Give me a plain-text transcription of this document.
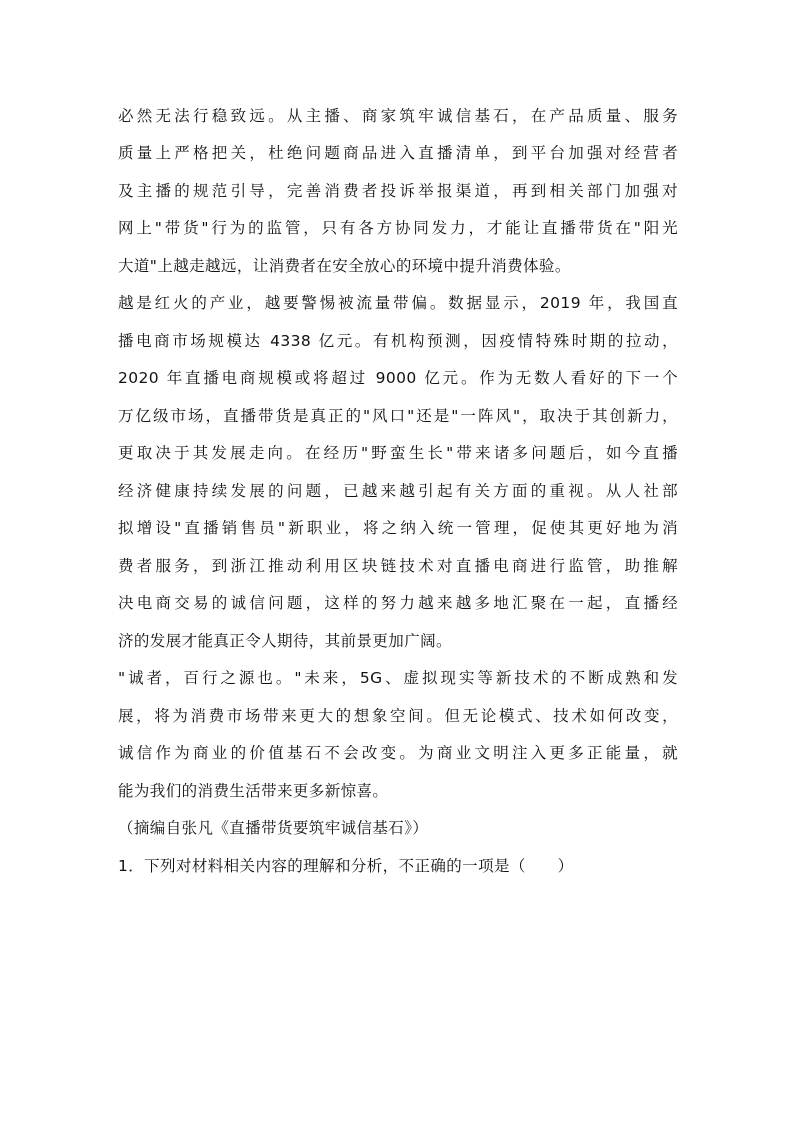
必然无法行稳致远。从主播、商家筑牢诚信基石，在产品质量、服务
质量上严格把关，杜绝问题商品进入直播清单，到平台加强对经营者
及主播的规范引导，完善消费者投诉举报渠道，再到相关部门加强对
网上"带货"行为的监管，只有各方协同发力，才能让直播带货在"阳光
大道"上越走越远，让消费者在安全放心的环境中提升消费体验。
越是红火的产业，越要警惕被流量带偏。数据显示，2019 年，我国直
播电商市场规模达 4338 亿元。有机构预测，因疫情特殊时期的拉动，
2020 年直播电商规模或将超过 9000 亿元。作为无数人看好的下一个
万亿级市场，直播带货是真正的"风口"还是"一阵风"，取决于其创新力，
更取决于其发展走向。在经历"野蛮生长"带来诸多问题后，如今直播
经济健康持续发展的问题，已越来越引起有关方面的重视。从人社部
拟增设"直播销售员"新职业，将之纳入统一管理，促使其更好地为消
费者服务，到浙江推动利用区块链技术对直播电商进行监管，助推解
决电商交易的诚信问题，这样的努力越来越多地汇聚在一起，直播经
济的发展才能真正令人期待，其前景更加广阔。
"诚者，百行之源也。"未来，5G、虚拟现实等新技术的不断成熟和发
展，将为消费市场带来更大的想象空间。但无论模式、技术如何改变，
诚信作为商业的价值基石不会改变。为商业文明注入更多正能量，就
能为我们的消费生活带来更多新惊喜。
（摘编自张凡《直播带货要筑牢诚信基石》）
1．下列对材料相关内容的理解和分析，不正确的一项是（　　）
